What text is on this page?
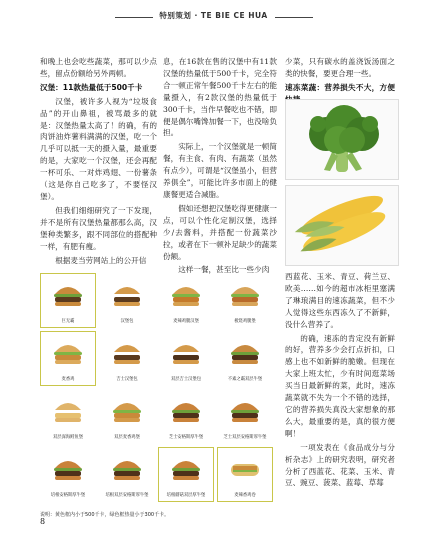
特别策划 · TE BIE CE HUA

和晚上也会吃些蔬菜，那可以少点些，留点份额给另外两顿。

汉堡：11款热量低于500千卡

汉堡，被许多人视为“垃圾食品”的开山鼻祖，被骂最多的就是：汉堡热量太高了！的确，有的肉饼油炸薯料满满的汉堡，吃一个几乎可以抵一天的摄入量，最重要的是，大家吃一个汉堡，还会再配一杯可乐、一对炸鸡翅、一份薯条（这是你自己吃多了，不要怪汉堡）。

但我们细细研究了一下发现，并不是所有汉堡热量都那么高，汉堡种类繁多，跟不同部位的搭配种一样，有肥有瘦。

根据麦当劳网站上的公开信

息，在16款在售的汉堡中有11款汉堡的热量低于500千卡，完全符合一顿正常午餐500千卡左右的能量摄入，有2款汉堡的热量低于300千卡，当作早餐吃也不错，即便是偶尔嘴馋加餐一下，也没啥负担。

实际上，一个汉堡就是一顿简餐，有主食、有肉、有蔬菜（虽然有点少），可谓是“汉堡虽小，但营养俱全”，可能比许多市面上的健康餐更适合减脂。

假如还想把汉堡吃得更健康一点，可以个性化定制汉堡，选择少/去酱料，并搭配一份蔬菜沙拉，或者在下一顿补足缺少的蔬菜份额。

这样一餐，甚至比一些少肉

少菜，只有碳水的盖浇饭汤面之类的快餐，要更合理一些。

速冻菜蔬：营养损失不大，方便

西蓝花、玉米、青豆、荷兰豆、欧美……如今的超市冰柜里塞满了琳琅满目的速冻蔬菜，但不少人觉得这些东西冻久了不新鲜，没什么营养了。

的确，速冻的肯定没有新鲜的好，营养多少会打点折扣，口感上也不如新鲜的脆嫩。但现在大家上班太忙，少有时间逛菜场买当日最新鲜的菜，此时，速冻蔬菜就不失为一个不错的选择，它的营养损失真没大家想象的那么大，最重要的是，真的很方便啊！

一项发表在《食品成分与分析杂志》上的研究表明，研究者分析了西蓝花、花菜、玉米、青豆、豌豆、菠菜、蓝莓、草莓

巨无霸	汉堡包	麦辣鸡腿汉堡	板烧鸡腿堡
麦香鸡	吉士汉堡包	双层吉士汉堡包	不素之霸双层牛堡
双层深海鳕鱼堡	双层麦香鸡堡	芝士安格斯厚牛堡	芝士双层安格斯厚牛堡
培根安格斯厚牛堡	培根双层安格斯厚牛堡	培根蘑菇双层厚牛堡	麦辣香鸡卷
说明：黄色框内小于500千卡，绿色框热量小于300千卡。
8
